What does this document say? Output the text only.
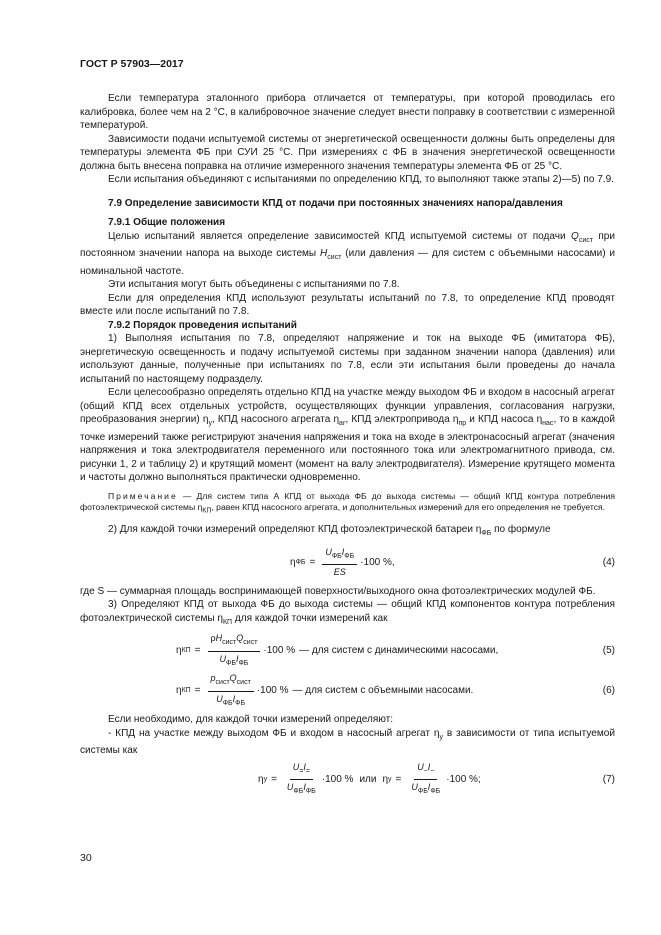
ГОСТ Р 57903—2017

Если температура эталонного прибора отличается от температуры, при которой проводилась его калибровка, более чем на 2 °С, в калибровочное значение следует внести поправку в соответствии с измеренной температурой.

Зависимости подачи испытуемой системы от энергетической освещенности должны быть определены для температуры элемента ФБ при СУИ 25 °С. При измерениях с ФБ в значения энергетической освещенности должна быть внесена поправка на отличие измеренного значения температуры элемента ФБ от 25 °С.

Если испытания объединяют с испытаниями по определению КПД, то выполняют также этапы 2)—5) по 7.9.

7.9 Определение зависимости КПД от подачи при постоянных значениях напора/давления

7.9.1 Общие положения

Целью испытаний является определение зависимостей КПД испытуемой системы от подачи $Q_{сист}$ при постоянном значении напора на выходе системы $H_{сист}$ (или давления — для систем с объемными насосами) и номинальной частоте.

Эти испытания могут быть объединены с испытаниями по 7.8.

Если для определения КПД используют результаты испытаний по 7.8, то определение КПД проводят вместе или после испытаний по 7.8.

7.9.2 Порядок проведения испытаний

1) Выполняя испытания по 7.8, определяют напряжение и ток на выходе ФБ (имитатора ФБ), энергетическую освещенность и подачу испытуемой системы при заданном значении напора (давления) или используют данные, полученные при испытаниях по 7.8, если эти испытания были проведены до начала испытаний по настоящему подразделу.

Если целесообразно определять отдельно КПД на участке между выходом ФБ и входом в насосный агрегат (общий КПД всех отдельных устройств, осуществляющих функции управления, согласования нагрузки, преобразования энергии) $\eta_у$, КПД насосного агрегата $\eta_{аг}$, КПД электропривода $\eta_{пр}$ и КПД насоса $\eta_{нас}$, то в каждой точке измерений также регистрируют значения напряжения и тока на входе в электронасосный агрегат (значения напряжения и тока электродвигателя переменного или постоянного тока или электромагнитного привода, см. рисунки 1, 2 и таблицу 2) и крутящий момент (момент на валу электродвигателя). Измерение крутящего момента и частоты должно выполняться практически одновременно.

Примечание — Для систем типа А КПД от выхода ФБ до выхода системы — общий КПД контура потребления фотоэлектрической системы $\eta_{КП}$, равен КПД насосного агрегата, и дополнительных измерений для его определения не требуется.

2) Для каждой точки измерений определяют КПД фотоэлектрической батареи $\eta_{ФБ}$ по формуле

η ФБ = $\frac{U_{ФБ}I_{ФБ}}{ES} \cdot 100$ %,	(4)

где S — суммарная площадь воспринимающей поверхности/выходного окна фотоэлектрических модулей ФБ.

3) Определяют КПД от выхода ФБ до выхода системы — общий КПД компонентов контура потребления фотоэлектрической системы $\eta_{КП}$ для каждой точки измерений как

η КП = $\frac{\rho H_{сист}Q_{сист}}{U_{ФБ}I_{ФБ}} \cdot 100$ % — для систем с динамическими насосами,	(5)
η КП = $\frac{p_{сист}Q_{сист}}{U_{ФБ}I_{ФБ}} \cdot 100$ % — для систем с объемными насосами.	(6)

Если необходимо, для каждой точки измерений определяют:

- КПД на участке между выходом ФБ и входом в насосный агрегат $\eta_у$ в зависимости от типа испытуемой системы как

η $у = \frac{U_=I_=}{U_{ФБ}I_{ФБ}} \cdot 100$ % или η $у = \frac{U_\sim I_\sim}{U_{ФБ}I_{ФБ}} \cdot 100$ %;	(7)
30
